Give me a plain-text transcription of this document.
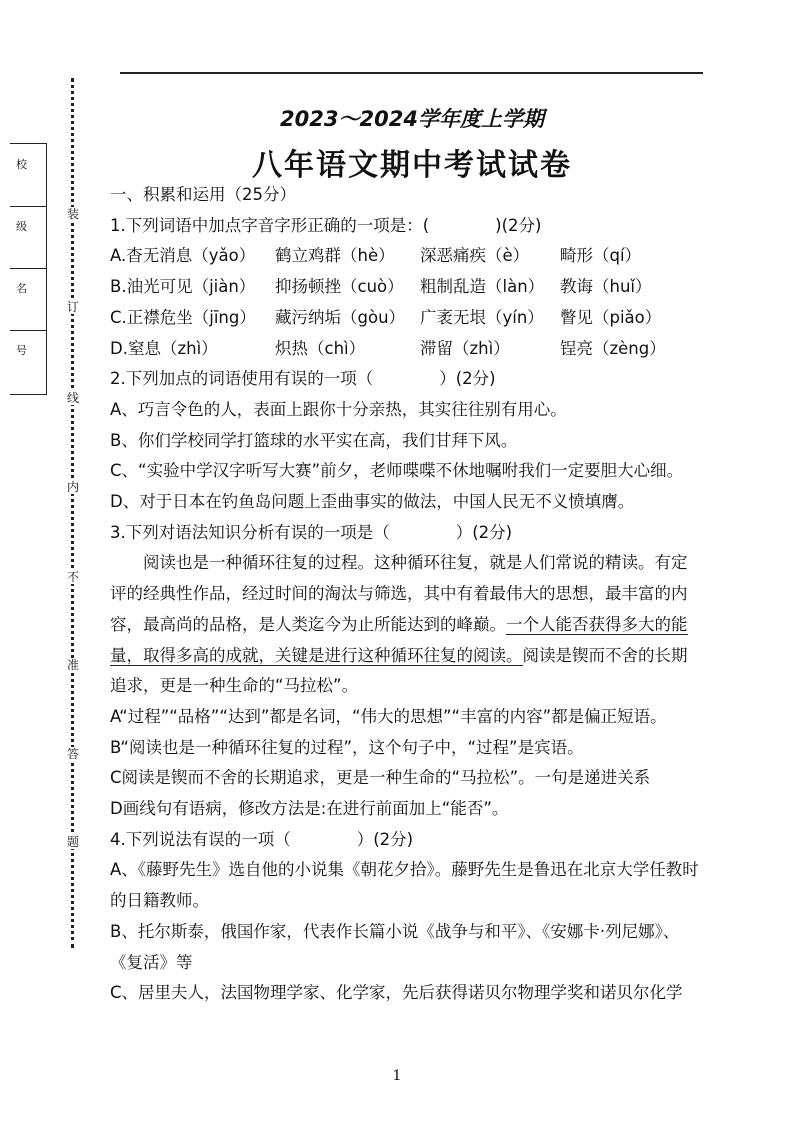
校
级
名
号
装
订
线
内
不
准
答
题
2023～2024学年度上学期
八年语文期中考试试卷

一、积累和运用（25分）

1.下列词语中加点字音字形正确的一项是：(　　　　)(2分)

A.杳无消息（yǎo）	鹤立鸡群（hè）	深恶痛疾（è）	畸形（qí）
B.油光可见（jiàn）	抑扬顿挫（cuò） 粗制乱造（làn） 教诲（huǐ）
C.正襟危坐（jīng）	藏污纳垢（gòu） 广袤无垠（yín） 瞥见（piǎo）
D.窒息（zhì）	炽热（chì）	滞留（zhì）	锃亮（zèng）

2.下列加点的词语使用有误的一项（　　　　）(2分)

A、巧言令色的人，表面上跟你十分亲热，其实往往别有用心。

B、你们学校同学打篮球的水平实在高，我们甘拜下风。

C、“实验中学汉字听写大赛”前夕，老师喋喋不休地嘱咐我们一定要胆大心细。

D、对于日本在钓鱼岛问题上歪曲事实的做法，中国人民无不义愤填膺。

3.下列对语法知识分析有误的一项是（　　　　）(2分)

阅读也是一种循环往复的过程。这种循环往复，就是人们常说的精读。有定评的经典性作品，经过时间的淘汰与筛选，其中有着最伟大的思想，最丰富的内容，最高尚的品格，是人类迄今为止所能达到的峰巅。一个人能否获得多大的能量，取得多高的成就，关键是进行这种循环往复的阅读。阅读是锲而不舍的长期追求，更是一种生命的“马拉松”。

A“过程”“品格”“达到”都是名词，“伟大的思想”“丰富的内容”都是偏正短语。

B“阅读也是一种循环往复的过程”，这个句子中，“过程”是宾语。

C阅读是锲而不舍的长期追求，更是一种生命的“马拉松”。一句是递进关系

D画线句有语病，修改方法是:在进行前面加上“能否”。

4.下列说法有误的一项（　　　　）(2分)

A、《藤野先生》选自他的小说集《朝花夕拾》。藤野先生是鲁迅在北京大学任教时的日籍教师。

B、托尔斯泰，俄国作家，代表作长篇小说《战争与和平》、《安娜卡·列尼娜》、《复活》等

C、居里夫人，法国物理学家、化学家，先后获得诺贝尔物理学奖和诺贝尔化学

1
